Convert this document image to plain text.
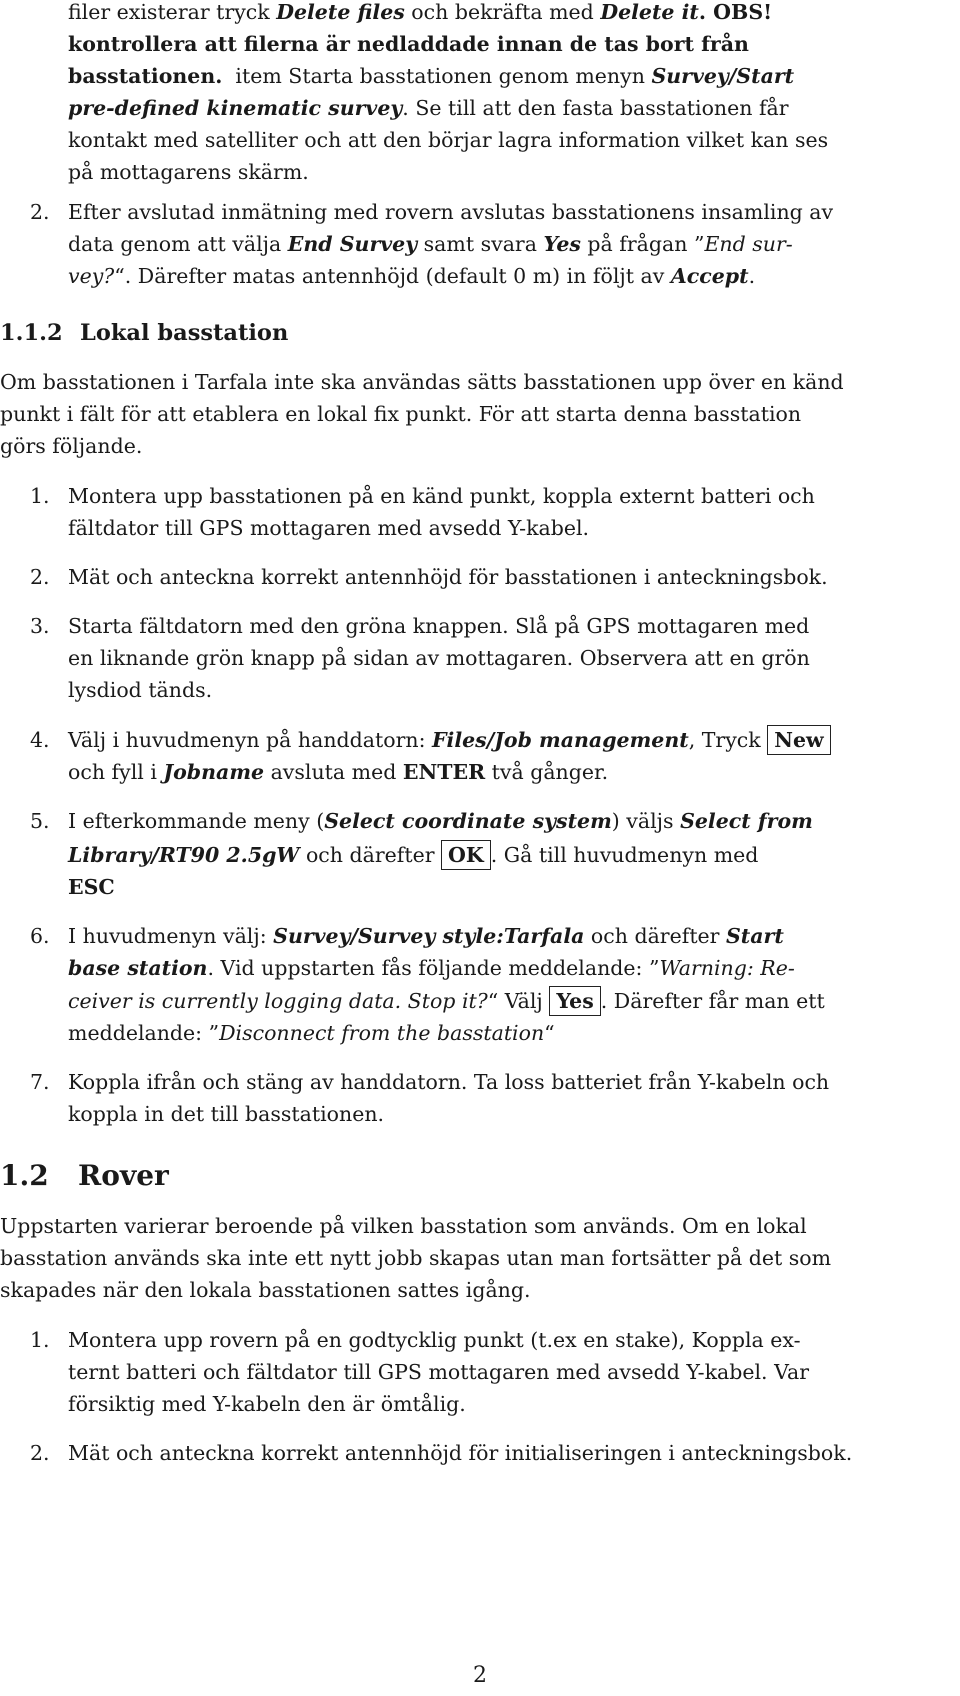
filer existerar tryck Delete files och bekräfta med Delete it. OBS!
kontrollera att filerna är nedladdade innan de tas bort från
basstationen.  item Starta basstationen genom menyn Survey/Start
pre-defined kinematic survey. Se till att den fasta basstationen får
kontakt med satelliter och att den börjar lagra information vilket kan ses
på mottagarens skärm.
2. Efter avslutad inmätning med rovern avslutas basstationens insamling av
data genom att välja End Survey samt svara Yes på frågan ”End sur-
vey?“. Därefter matas antennhöjd (default 0 m) in följt av Accept.
1.1.2 Lokal basstation
Om basstationen i Tarfala inte ska användas sätts basstationen upp över en känd
punkt i fält för att etablera en lokal fix punkt. För att starta denna basstation
görs följande.
1. Montera upp basstationen på en känd punkt, koppla externt batteri och
fältdator till GPS mottagaren med avsedd Y-kabel.
2. Mät och anteckna korrekt antennhöjd för basstationen i anteckningsbok.
3. Starta fältdatorn med den gröna knappen. Slå på GPS mottagaren med
en liknande grön knapp på sidan av mottagaren. Observera att en grön
lysdiod tänds.
4. Välj i huvudmenyn på handdatorn: Files/Job management, Tryck New
och fyll i Jobname avsluta med ENTER två gånger.
5. I efterkommande meny (Select coordinate system) väljs Select from
Library/RT90 2.5gW och därefter OK . Gå till huvudmenyn med
ESC
6. I huvudmenyn välj: Survey/Survey style:Tarfala och därefter Start
base station. Vid uppstarten fås följande meddelande: ”Warning: Re-
ceiver is currently logging data. Stop it?“ Välj Yes . Därefter får man ett
meddelande: ”Disconnect from the basstation“
7. Koppla ifrån och stäng av handdatorn. Ta loss batteriet från Y-kabeln och
koppla in det till basstationen.
1.2 Rover
Uppstarten varierar beroende på vilken basstation som används. Om en lokal
basstation används ska inte ett nytt jobb skapas utan man fortsätter på det som
skapades när den lokala basstationen sattes igång.
1. Montera upp rovern på en godtycklig punkt (t.ex en stake), Koppla ex-
ternt batteri och fältdator till GPS mottagaren med avsedd Y-kabel. Var
försiktig med Y-kabeln den är ömtålig.
2. Mät och anteckna korrekt antennhöjd för initialiseringen i anteckningsbok.
2
